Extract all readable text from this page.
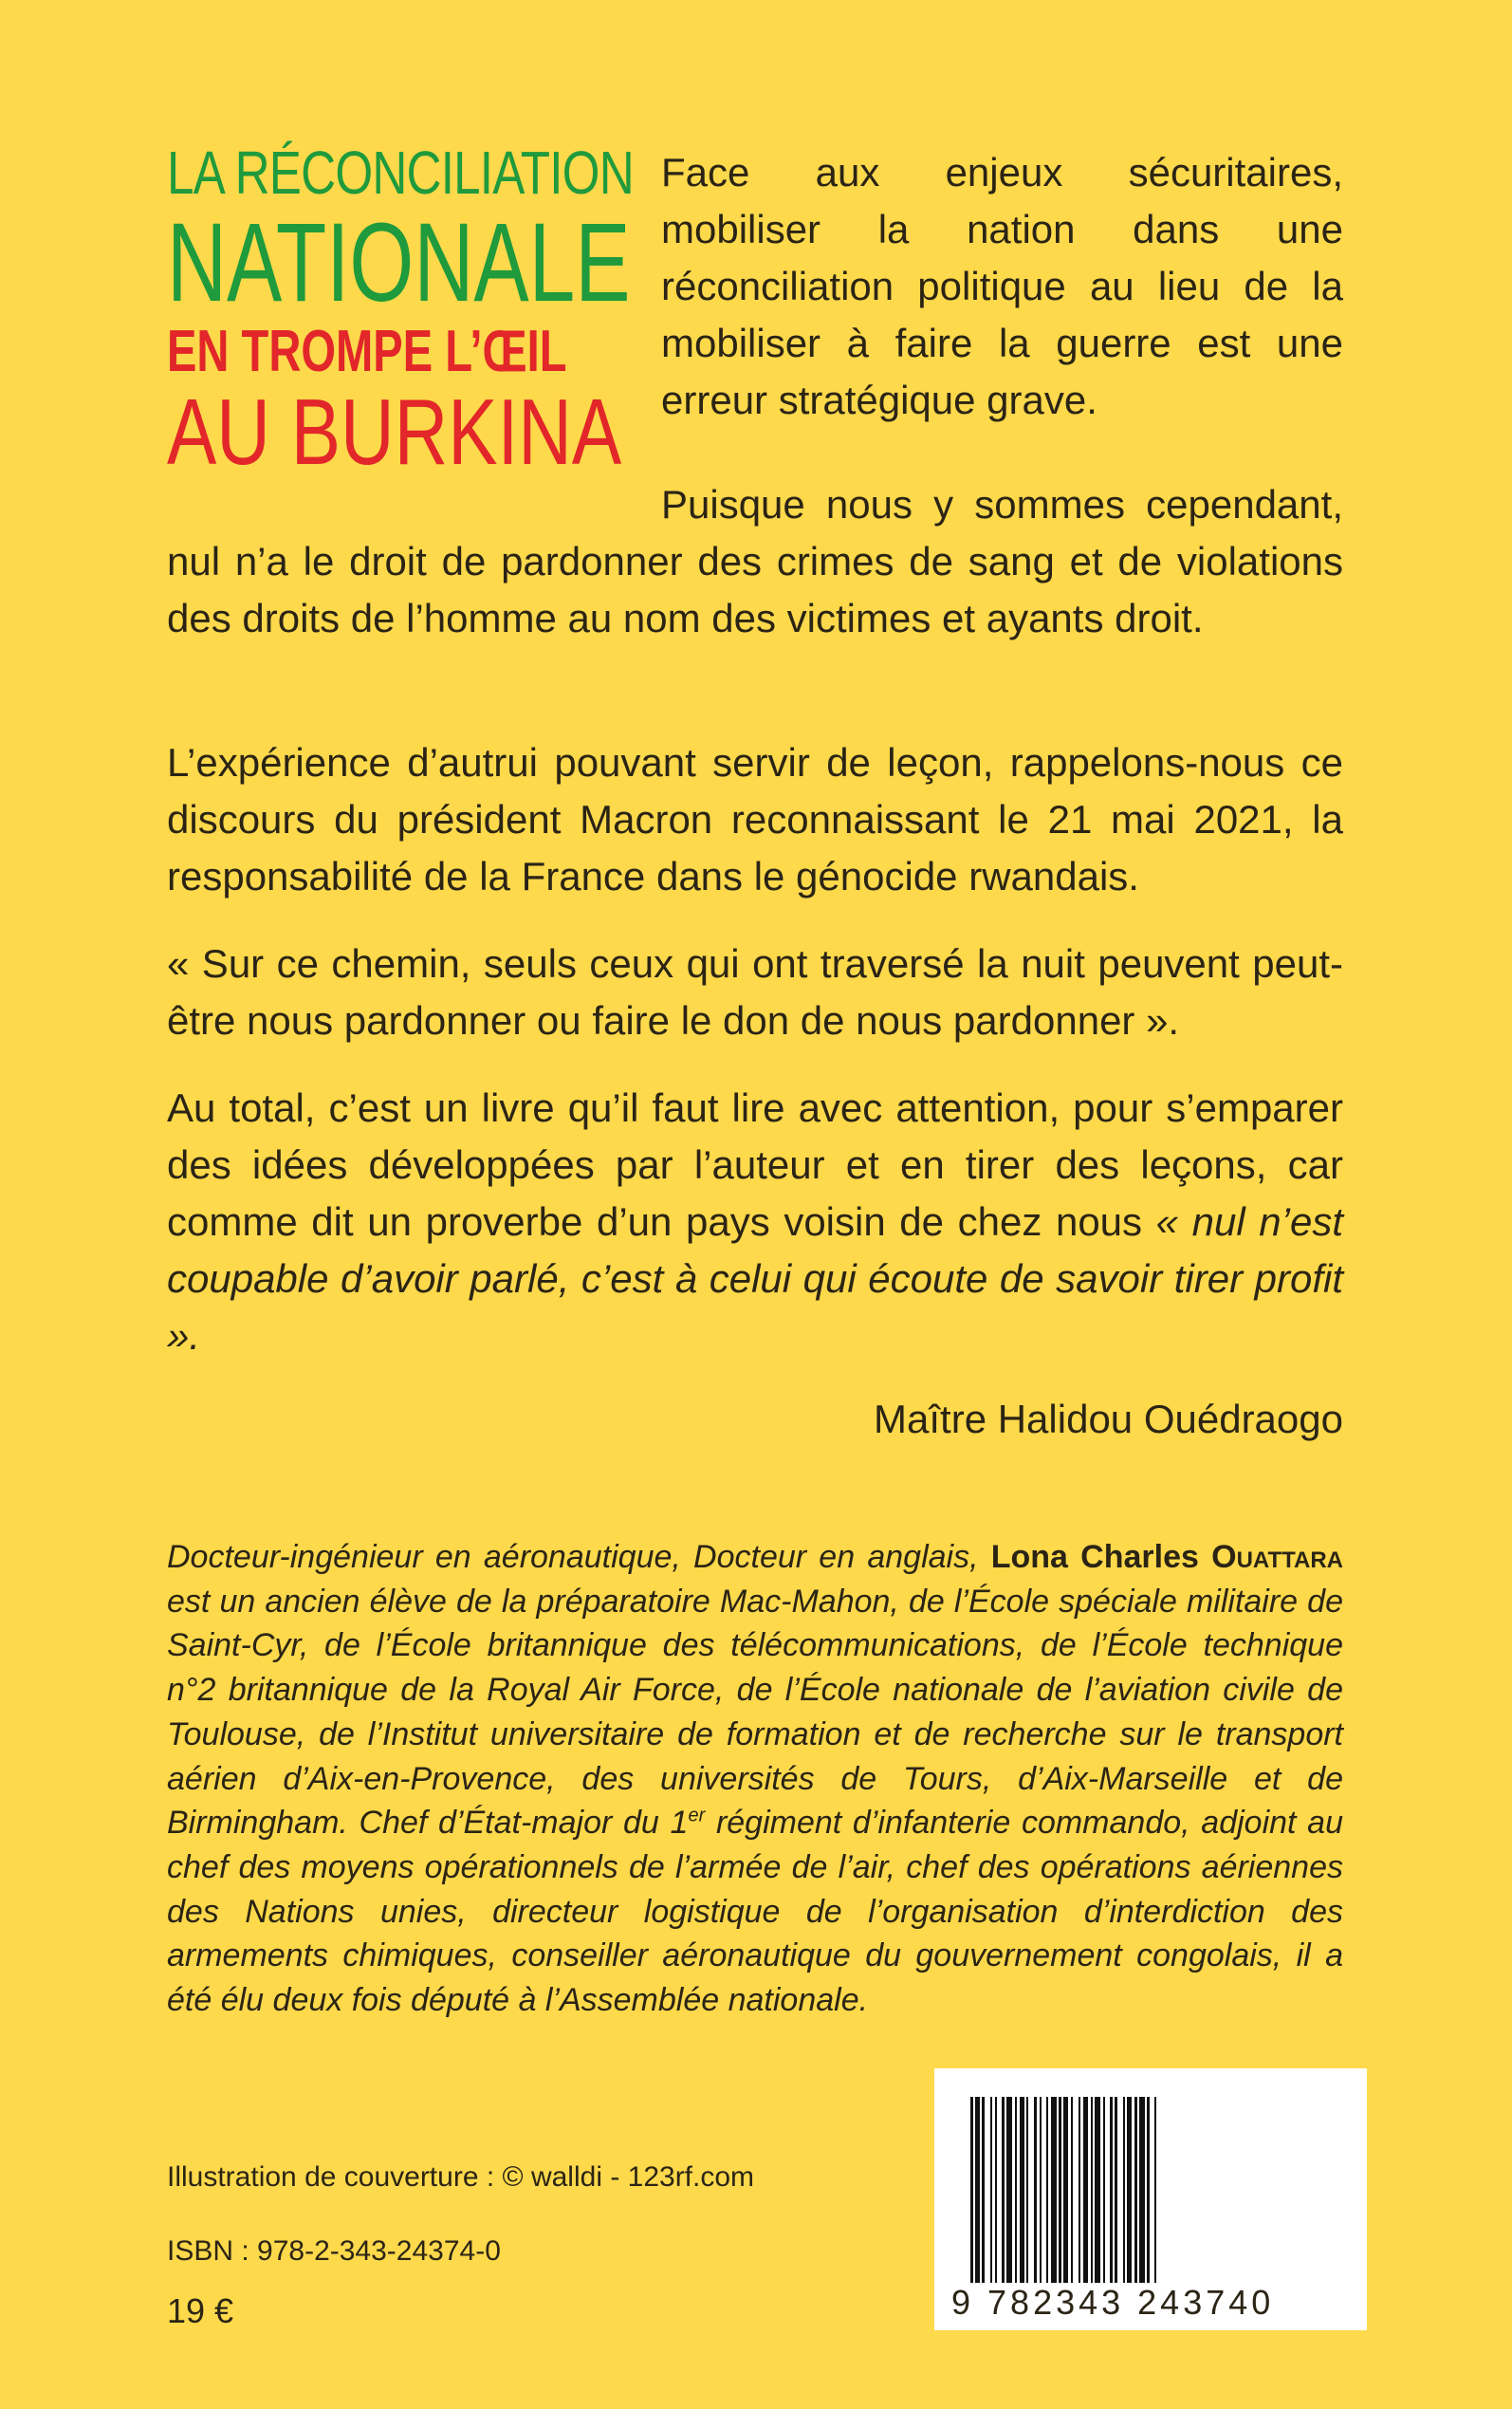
LA RÉCONCILIATION
NATIONALE
EN TROMPE L’ŒIL
AU BURKINA

Face aux enjeux sécuritaires, mobiliser la nation dans une réconciliation politique au lieu de la mobiliser à faire la guerre est une erreur stratégique grave.

Puisque nous y sommes cependant, nul n’a le droit de pardonner des crimes de sang et de violations des droits de l’homme au nom des victimes et ayants droit.

L’expérience d’autrui pouvant servir de leçon, rappelons-nous ce discours du président Macron reconnaissant le 21 mai 2021, la responsabilité de la France dans le génocide rwandais.

« Sur ce chemin, seuls ceux qui ont traversé la nuit peuvent peut-être nous pardonner ou faire le don de nous pardonner ».

Au total, c’est un livre qu’il faut lire avec attention, pour s’emparer des idées développées par l’auteur et en tirer des leçons, car comme dit un proverbe d’un pays voisin de chez nous « nul n’est coupable d’avoir parlé, c’est à celui qui écoute de savoir tirer profit ».

Maître Halidou Ouédraogo

Docteur-ingénieur en aéronautique, Docteur en anglais, Lona Charles Ouattara est un ancien élève de la préparatoire Mac-Mahon, de l’École spéciale militaire de Saint-Cyr, de l’École britannique des télécommunications, de l’École technique n°2 britannique de la Royal Air Force, de l’École nationale de l’aviation civile de Toulouse, de l’Institut universitaire de formation et de recherche sur le transport aérien d’Aix-en-Provence, des universités de Tours, d’Aix-Marseille et de Birmingham. Chef d’État-major du 1er régiment d’infanterie commando, adjoint au chef des moyens opérationnels de l’armée de l’air, chef des opérations aériennes des Nations unies, directeur logistique de l’organisation d’interdiction des armements chimiques, conseiller aéronautique du gouvernement congolais, il a été élu deux fois député à l’Assemblée nationale.

Illustration de couverture : © walldi - 123rf.com
ISBN : 978-2-343-24374-0
19 €	9 782343 243740
